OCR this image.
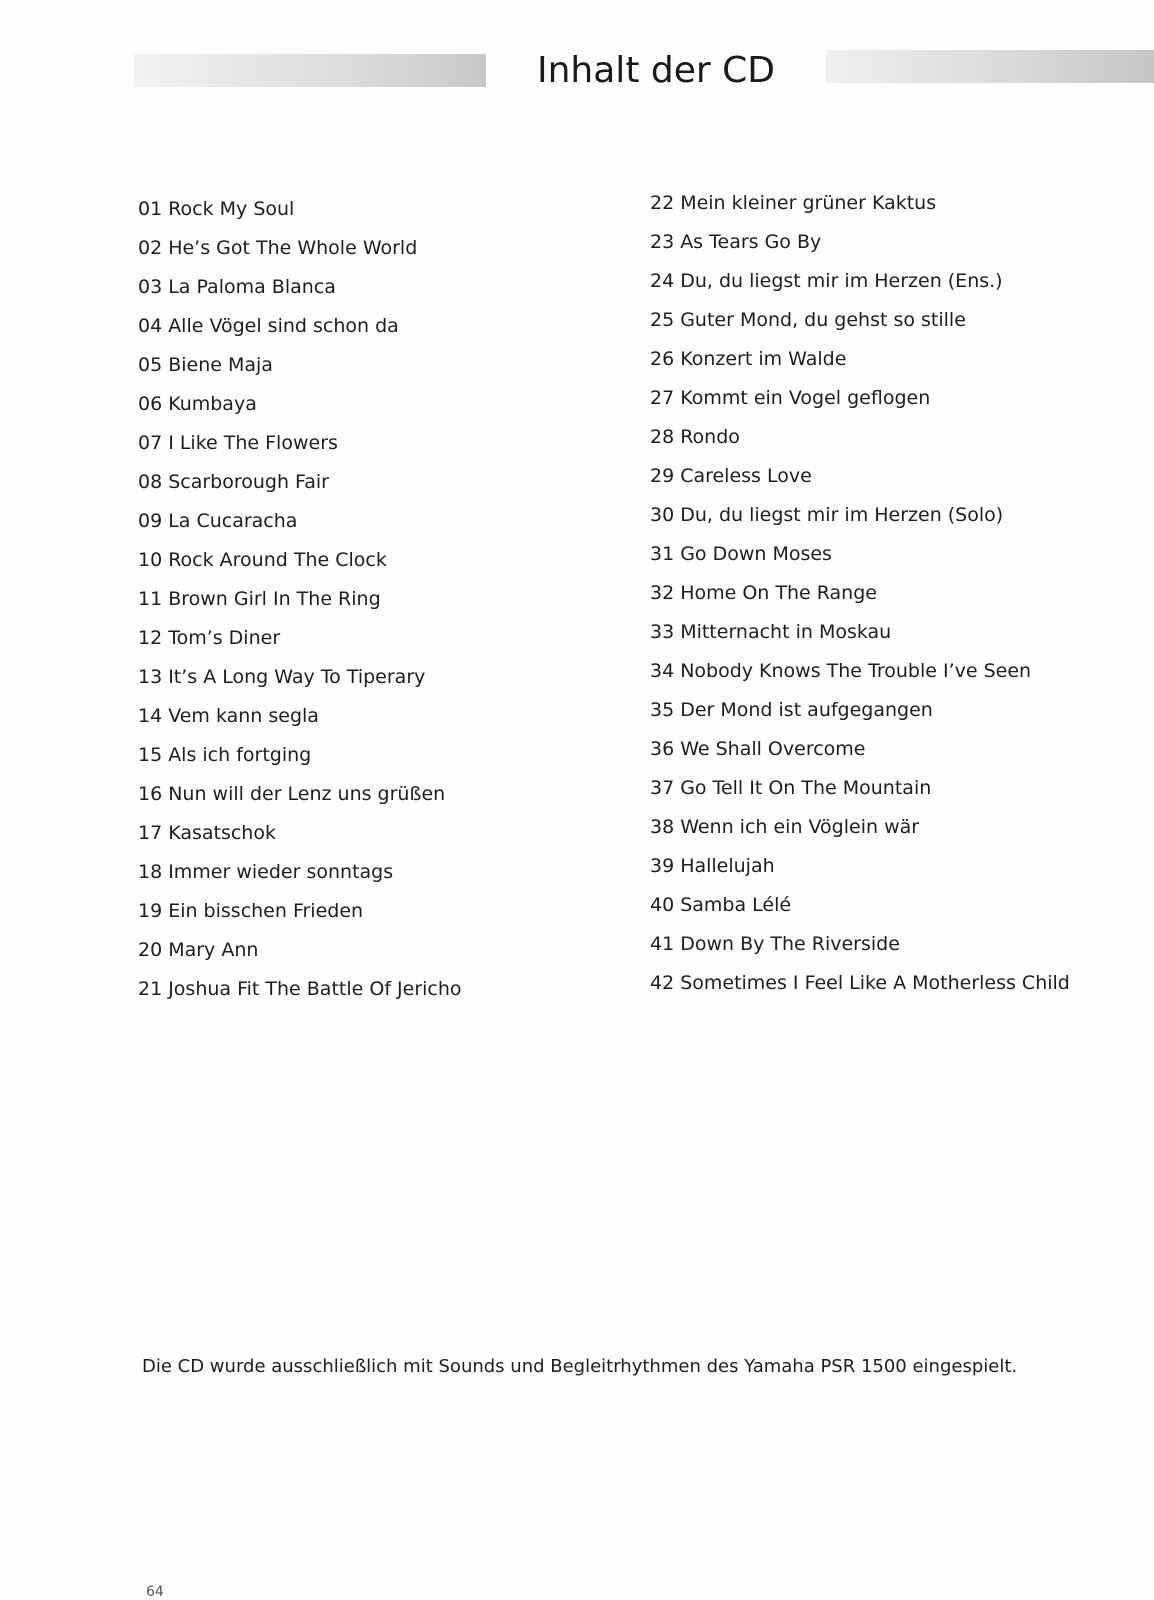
Inhalt der CD
01 Rock My Soul
02 He’s Got The Whole World
03 La Paloma Blanca
04 Alle Vögel sind schon da
05 Biene Maja
06 Kumbaya
07 I Like The Flowers
08 Scarborough Fair
09 La Cucaracha
10 Rock Around The Clock
11 Brown Girl In The Ring
12 Tom’s Diner
13 It’s A Long Way To Tiperary
14 Vem kann segla
15 Als ich fortging
16 Nun will der Lenz uns grüßen
17 Kasatschok
18 Immer wieder sonntags
19 Ein bisschen Frieden
20 Mary Ann
21 Joshua Fit The Battle Of Jericho
22 Mein kleiner grüner Kaktus
23 As Tears Go By
24 Du, du liegst mir im Herzen (Ens.)
25 Guter Mond, du gehst so stille
26 Konzert im Walde
27 Kommt ein Vogel geflogen
28 Rondo
29 Careless Love
30 Du, du liegst mir im Herzen (Solo)
31 Go Down Moses
32 Home On The Range
33 Mitternacht in Moskau
34 Nobody Knows The Trouble I’ve Seen
35 Der Mond ist aufgegangen
36 We Shall Overcome
37 Go Tell It On The Mountain
38 Wenn ich ein Vöglein wär
39 Hallelujah
40 Samba Lélé
41 Down By The Riverside
42 Sometimes I Feel Like A Motherless Child

Die CD wurde ausschließlich mit Sounds und Begleitrhythmen des Yamaha PSR 1500 eingespielt.

64
